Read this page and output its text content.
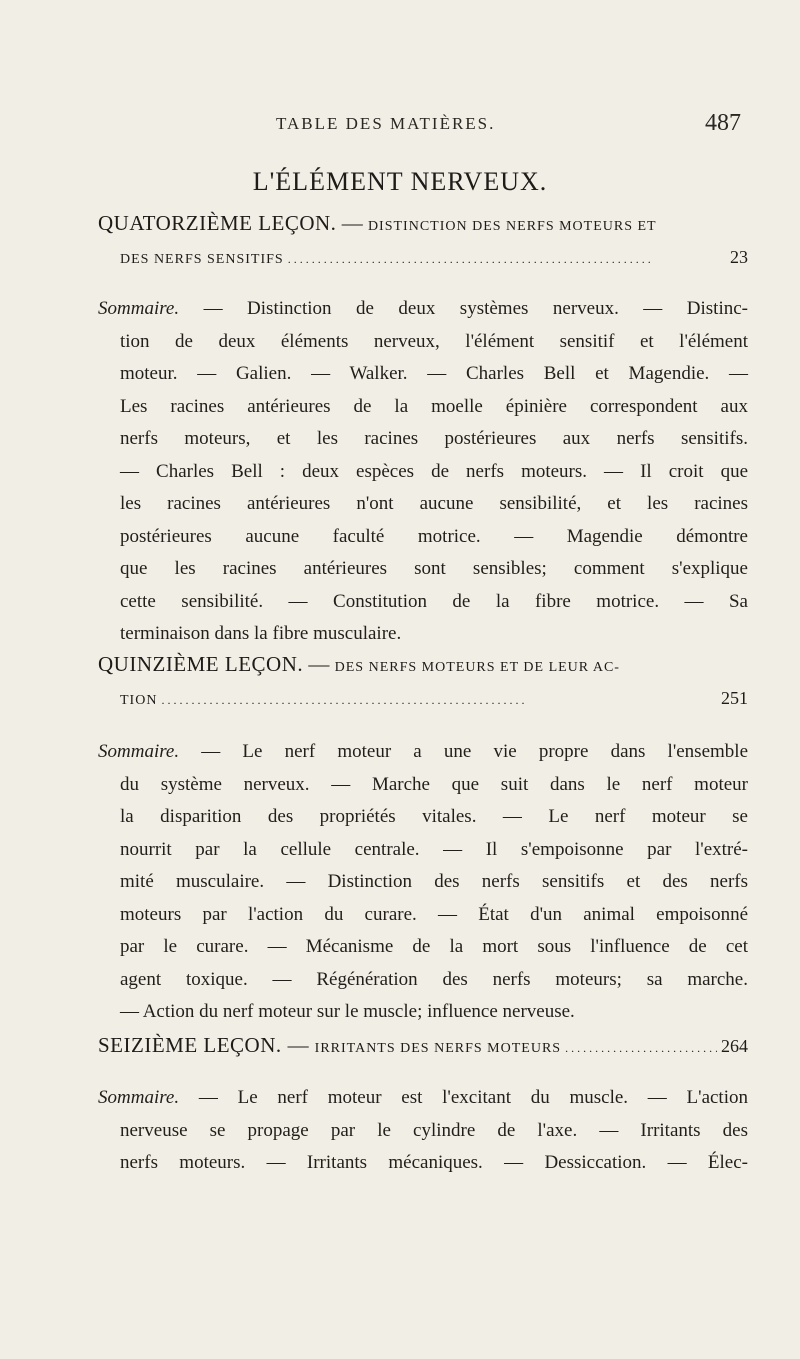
TABLE DES MATIÈRES.	487
L'ÉLÉMENT NERVEUX.
QUATORZIÈME LEÇON. — DISTINCTION DES NERFS MOTEURS ET
DES NERFS SENSITIFS . . .	23
Sommaire. — Distinction de deux systèmes nerveux. — Distinc-
tion de deux éléments nerveux, l'élément sensitif et l'élément
moteur. — Galien. — Walker. — Charles Bell et Magendie. —
Les racines antérieures de la moelle épinière correspondent aux
nerfs moteurs, et les racines postérieures aux nerfs sensitifs.
— Charles Bell : deux espèces de nerfs moteurs. — Il croit que
les racines antérieures n'ont aucune sensibilité, et les racines
postérieures aucune faculté motrice. — Magendie démontre
que les racines antérieures sont sensibles; comment s'explique
cette sensibilité. — Constitution de la fibre motrice. — Sa
terminaison dans la fibre musculaire.
QUINZIÈME LEÇON. — DES NERFS MOTEURS ET DE LEUR AC-
TION . . .	251
Sommaire. — Le nerf moteur a une vie propre dans l'ensemble
du système nerveux. — Marche que suit dans le nerf moteur
la disparition des propriétés vitales. — Le nerf moteur se
nourrit par la cellule centrale. — Il s'empoisonne par l'extré-
mité musculaire. — Distinction des nerfs sensitifs et des nerfs
moteurs par l'action du curare. — État d'un animal empoisonné
par le curare. — Mécanisme de la mort sous l'influence de cet
agent toxique. — Régénération des nerfs moteurs; sa marche.
— Action du nerf moteur sur le muscle; influence nerveuse.
SEIZIÈME LEÇON. — IRRITANTS DES NERFS MOTEURS . . .	264
Sommaire. — Le nerf moteur est l'excitant du muscle. — L'action
nerveuse se propage par le cylindre de l'axe. — Irritants des
nerfs moteurs. — Irritants mécaniques. — Dessiccation. — Élec-
